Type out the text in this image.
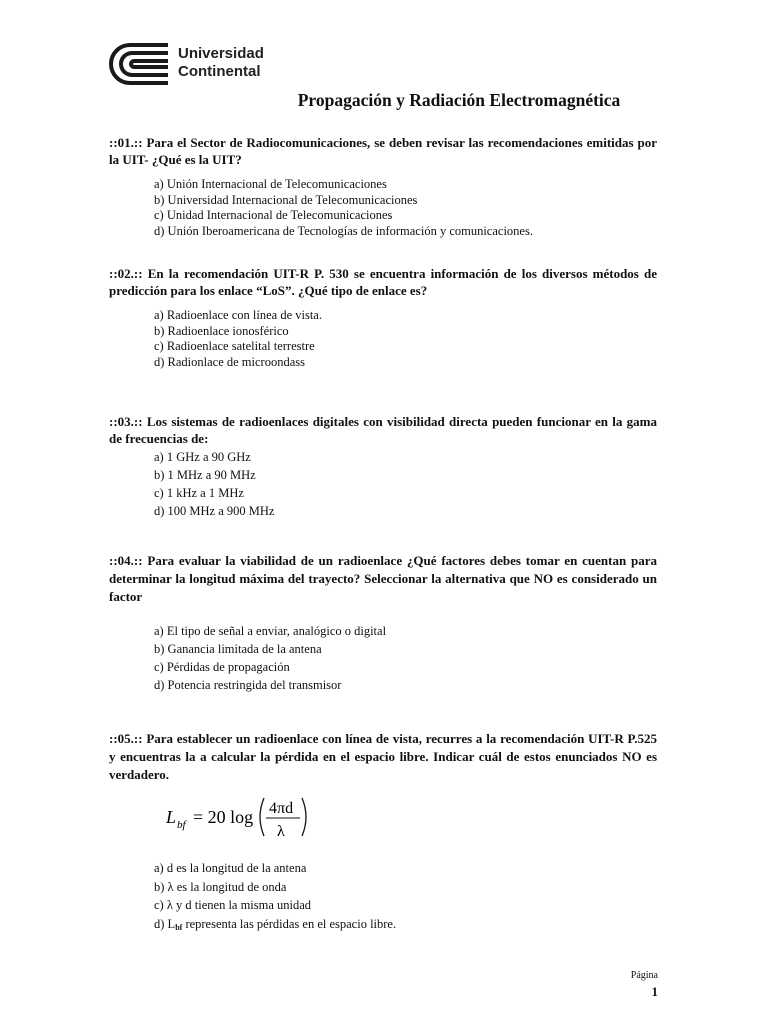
Universidad
Continental
Propagación y Radiación Electromagnética
::01.:: Para el Sector de Radiocomunicaciones, se deben revisar las recomendaciones emitidas por la UIT- ¿Qué es la UIT?
a) Unión Internacional de Telecomunicaciones
b) Universidad Internacional de Telecomunicaciones
c) Unidad Internacional de Telecomunicaciones
d) Unión Iberoamericana de Tecnologías de información y comunicaciones.
::02.:: En la recomendación UIT-R P. 530 se encuentra información de los diversos métodos de predicción para los enlace “LoS”. ¿Qué tipo de enlace es?
a) Radioenlace con línea de vista.
b) Radioenlace ionosférico
c) Radioenlace satelital terrestre
d) Radionlace de microondass
::03.:: Los sistemas de radioenlaces digitales con visibilidad directa pueden funcionar en la gama de frecuencias de:
a) 1 GHz a 90 GHz
b) 1 MHz a 90 MHz
c) 1 kHz a 1 MHz
d) 100 MHz a 900 MHz
::04.:: Para evaluar la viabilidad de un radioenlace ¿Qué factores debes tomar en cuentan para determinar la longitud máxima del trayecto? Seleccionar la alternativa que NO es considerado un factor
a) El tipo de señal a enviar, analógico o digital
b) Ganancia limitada de la antena
c) Pérdidas de propagación
d) Potencia restringida del transmisor
::05.:: Para establecer un radioenlace con línea de vista, recurres a la recomendación UIT-R P.525 y encuentras la a calcular la pérdida en el espacio libre. Indicar cuál de estos enunciados NO es verdadero.
L bf = 20 log 4πd
λ
a) d es la longitud de la antena
b) λ es la longitud de onda
c) λ y d tienen la misma unidad
d) $L_{bf}$ representa las pérdidas en el espacio libre.
Página
1
